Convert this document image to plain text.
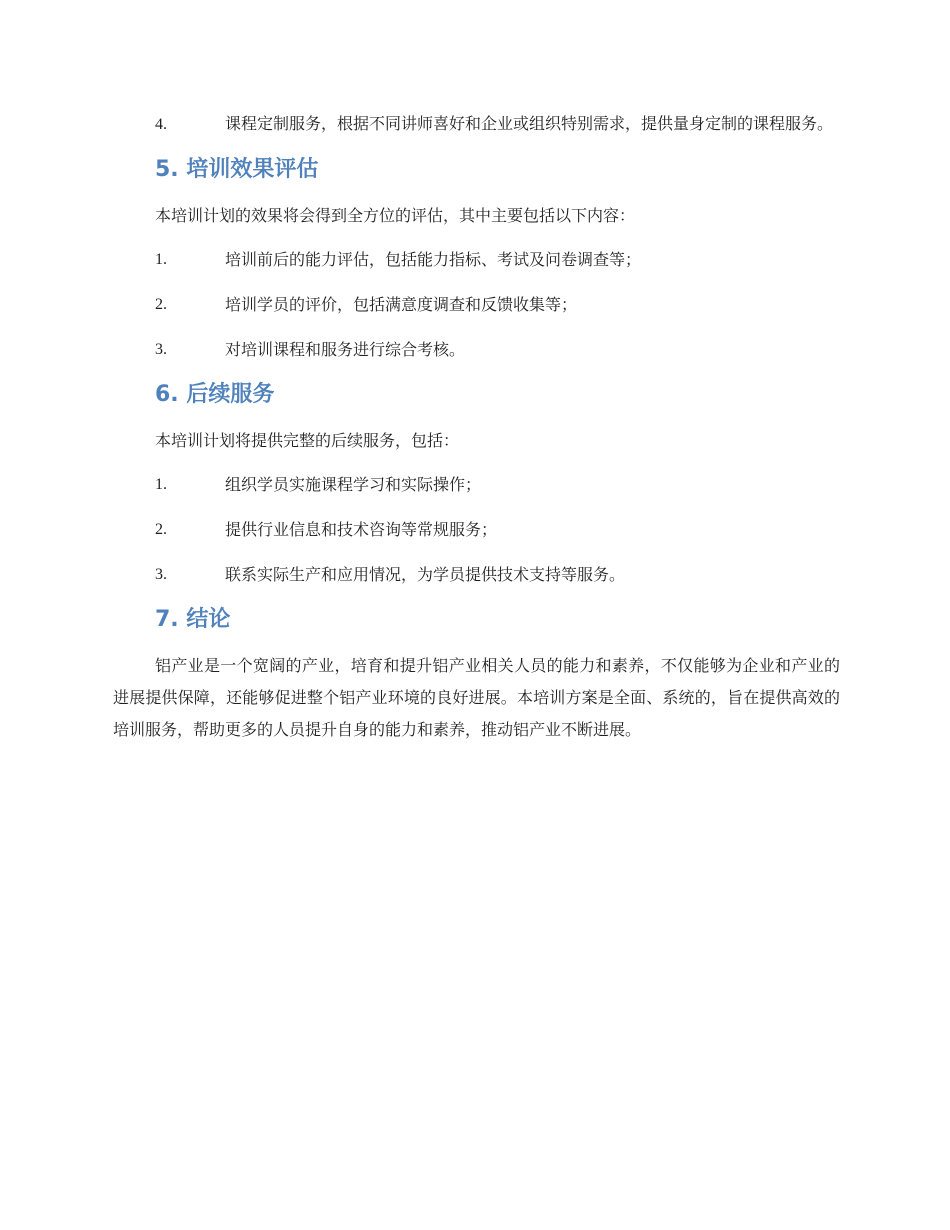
4.	课程定制服务，根据不同讲师喜好和企业或组织特别需求，提供量身定制的课程服务。

5. 培训效果评估

本培训计划的效果将会得到全方位的评估，其中主要包括以下内容：

1.	培训前后的能力评估，包括能力指标、考试及问卷调查等；
2.	培训学员的评价，包括满意度调查和反馈收集等；
3.	对培训课程和服务进行综合考核。
6. 后续服务

本培训计划将提供完整的后续服务，包括：

1.	组织学员实施课程学习和实际操作；
2.	提供行业信息和技术咨询等常规服务；
3.	联系实际生产和应用情况，为学员提供技术支持等服务。
7. 结论

铝产业是一个宽阔的产业，培育和提升铝产业相关人员的能力和素养，不仅能够为企业和产业的进展提供保障，还能够促进整个铝产业环境的良好进展。本培训方案是全面、系统的，旨在提供高效的培训服务，帮助更多的人员提升自身的能力和素养，推动铝产业不断进展。
